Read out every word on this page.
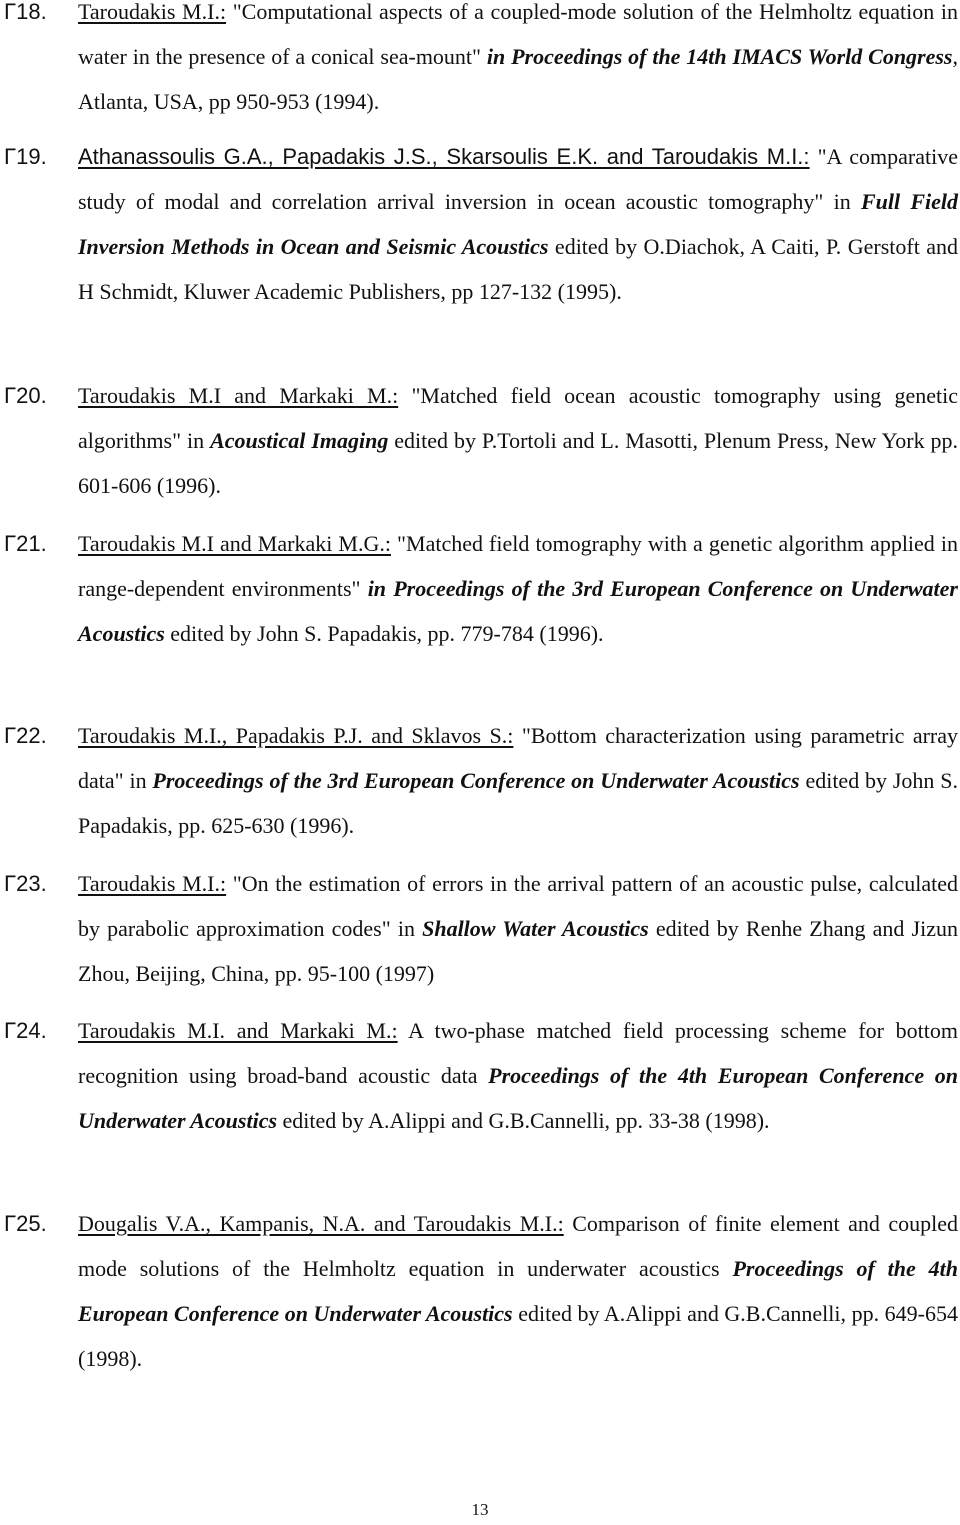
Γ18. Taroudakis M.I.: "Computational aspects of a coupled-mode solution of the Helmholtz equation in water in the presence of a conical sea-mount" in Proceedings of the 14th IMACS World Congress, Atlanta, USA, pp 950-953 (1994).
Γ19. Athanassoulis G.A., Papadakis J.S., Skarsoulis E.K. and Taroudakis M.I.: "A comparative study of modal and correlation arrival inversion in ocean acoustic tomography" in Full Field Inversion Methods in Ocean and Seismic Acoustics edited by O.Diachok, A Caiti, P. Gerstoft and H Schmidt, Kluwer Academic Publishers, pp 127-132 (1995).
Γ20. Taroudakis M.I and Markaki M.: "Matched field ocean acoustic tomography using genetic algorithms" in Acoustical Imaging edited by P.Tortoli and L. Masotti, Plenum Press, New York pp. 601-606 (1996).
Γ21. Taroudakis M.I and Markaki M.G.: "Matched field tomography with a genetic algorithm applied in range-dependent environments" in Proceedings of the 3rd European Conference on Underwater Acoustics edited by John S. Papadakis, pp. 779-784 (1996).
Γ22. Taroudakis M.I., Papadakis P.J. and Sklavos S.: "Bottom characterization using parametric array data" in Proceedings of the 3rd European Conference on Underwater Acoustics edited by John S. Papadakis, pp. 625-630 (1996).
Γ23. Taroudakis M.I.: "On the estimation of errors in the arrival pattern of an acoustic pulse, calculated by parabolic approximation codes" in Shallow Water Acoustics edited by Renhe Zhang and Jizun Zhou, Beijing, China, pp. 95-100 (1997)
Γ24. Taroudakis M.I. and Markaki M.: A two-phase matched field processing scheme for bottom recognition using broad-band acoustic data Proceedings of the 4th European Conference on Underwater Acoustics edited by A.Alippi and G.B.Cannelli, pp. 33-38 (1998).
Γ25. Dougalis V.A., Kampanis, N.A. and Taroudakis M.I.: Comparison of finite element and coupled mode solutions of the Helmholtz equation in underwater acoustics Proceedings of the 4th European Conference on Underwater Acoustics edited by A.Alippi and G.B.Cannelli, pp. 649-654 (1998).
13
